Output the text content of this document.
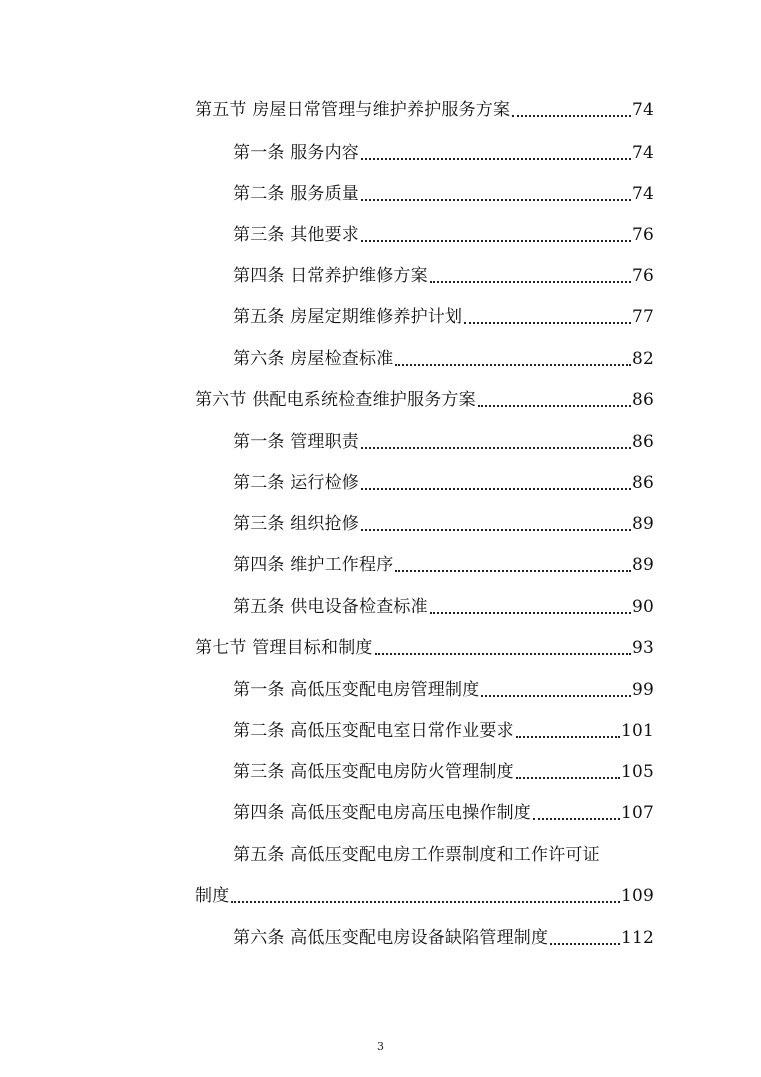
第五节 房屋日常管理与维护养护服务方案	74
第一条 服务内容	74
第二条 服务质量	74
第三条 其他要求	76
第四条 日常养护维修方案	76
第五条 房屋定期维修养护计划	77
第六条 房屋检查标准	82
第六节 供配电系统检查维护服务方案	86
第一条 管理职责	86
第二条 运行检修	86
第三条 组织抢修	89
第四条 维护工作程序	89
第五条 供电设备检查标准	90
第七节 管理目标和制度	93
第一条 高低压变配电房管理制度	99
第二条 高低压变配电室日常作业要求	101
第三条 高低压变配电房防火管理制度	105
第四条 高低压变配电房高压电操作制度	107
第五条 高低压变配电房工作票制度和工作许可证
制度	109
第六条 高低压变配电房设备缺陷管理制度	112
3
